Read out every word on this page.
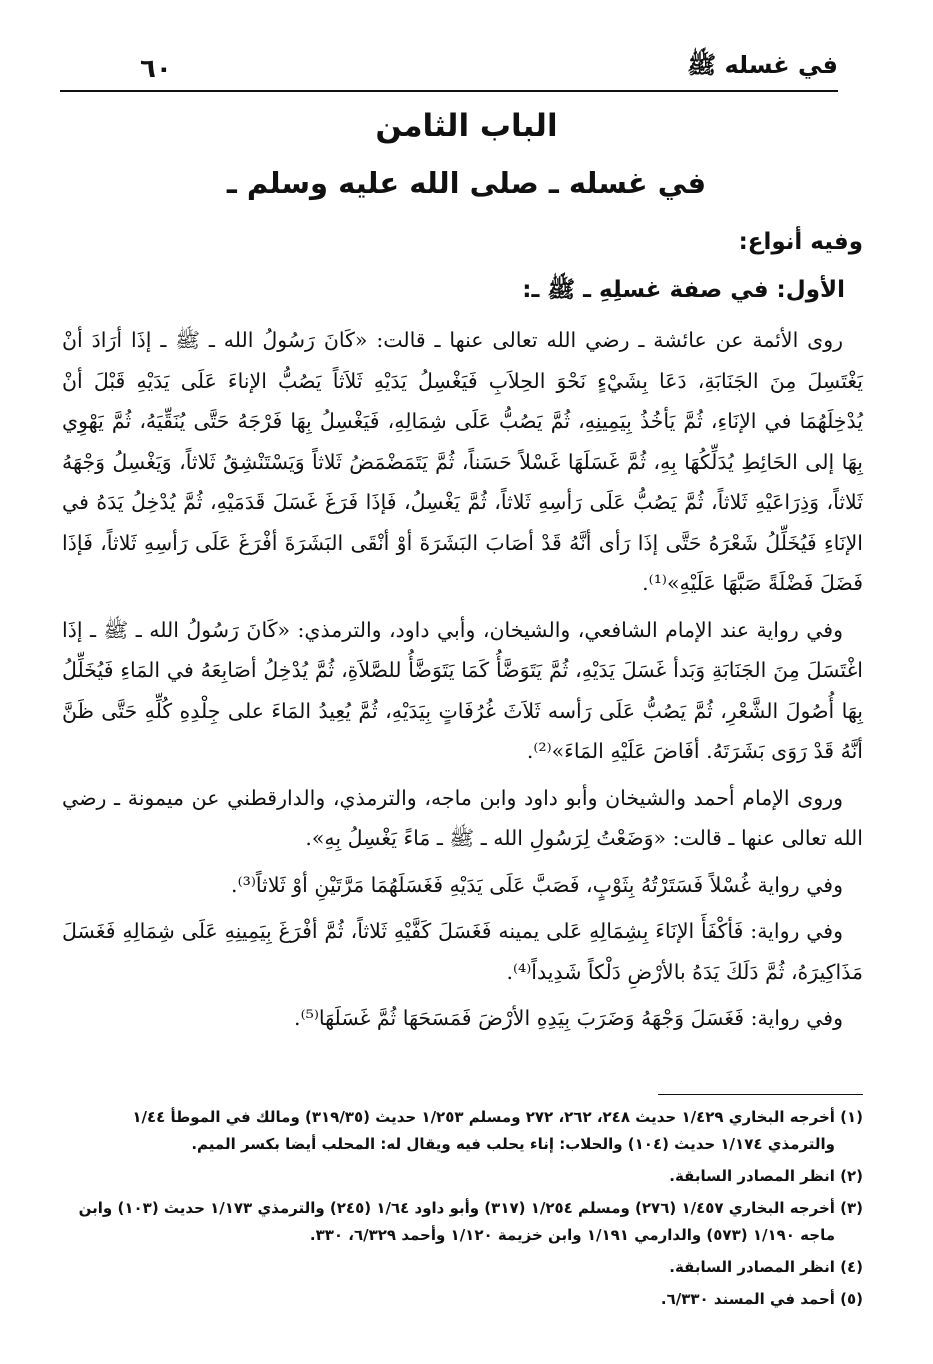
٦٠	في غسله ﷺ
الباب الثامن
في غسله ـ صلى الله عليه وسلم ـ
وفيه أنواع:
الأول: في صفة غسلِهِ ـ ﷺ ـ:

روى الأئمة عن عائشة ـ رضي الله تعالى عنها ـ قالت: «كَانَ رَسُولُ الله ـ ﷺ ـ إذَا أرَادَ أنْ يَغْتَسِلَ مِنَ الجَنَابَةِ، دَعَا بِشَيْءٍ نَحْوَ الحِلاَبِ فَيَغْسِلُ يَدَيْهِ ثَلاَثاً يَصُبُّ الإناءَ عَلَى يَدَيْهِ قَبْلَ أنْ يُدْخِلَهُمَا في الإنَاءِ، ثُمَّ يَأخُذُ بِيَمِينِهِ، ثُمَّ يَصُبُّ عَلَى شِمَالِهِ، فَيَغْسِلُ بِهَا فَرْجَهُ حَتَّى يُنَقِّيَهُ، ثُمَّ يَهْوِي بِهَا إلى الحَائِطِ يُدَلِّكُهَا بِهِ، ثُمَّ غَسَلَهَا غَسْلاً حَسَناً، ثُمَّ يَتَمَضْمَضُ ثَلاثاً وَيَسْتَنْشِقُ ثَلاثاً، وَيَغْسِلُ وَجْهَهُ ثَلاثاً، وَذِرَاعَيْهِ ثَلاثاً، ثُمَّ يَصُبُّ عَلَى رَأسِهِ ثَلاثاً، ثُمَّ يَغْسِلُ، فَإذَا فَرَغَ غَسَلَ قَدَمَيْهِ، ثُمَّ يُدْخِلُ يَدَهُ في الإنَاءِ فَيُخَلِّلُ شَعْرَهُ حَتَّى إذَا رَأى أنَّهُ قَدْ أصَابَ البَشَرَةَ أوْ أنْقَى البَشَرَةَ أفْرَغَ عَلَى رَأسِهِ ثَلاثاً، فَإذَا فَضَلَ فَضْلَةً صَبَّهَا عَلَيْهِ»⁽¹⁾.

وفي رواية عند الإمام الشافعي، والشيخان، وأبي داود، والترمذي: «كَانَ رَسُولُ الله ـ ﷺ ـ إذَا اغْتَسَلَ مِنَ الجَنَابَةِ وَبَدأ غَسَلَ يَدَيْهِ، ثُمَّ يَتَوَضَّأُ كَمَا يَتَوَضَّأُ للصَّلاَةِ، ثُمَّ يُدْخِلُ أصَابِعَهُ في المَاءِ فَيُخَلِّلُ بِهَا أُصُولَ الشَّعْرِ، ثُمَّ يَصُبُّ عَلَى رَأسه ثَلاَثَ غُرُفَاتٍ بِيَدَيْهِ، ثُمَّ يُعِيدُ المَاءَ على جِلْدِهِ كُلِّهِ حَتَّى ظَنَّ أنَّهُ قَدْ رَوَى بَشَرَتَهُ. أفَاضَ عَلَيْهِ المَاءَ»⁽²⁾.

وروى الإمام أحمد والشيخان وأبو داود وابن ماجه، والترمذي، والدارقطني عن ميمونة ـ رضي الله تعالى عنها ـ قالت: «وَضَعْتُ لِرَسُولِ الله ـ ﷺ ـ مَاءً يَغْسِلُ بِهِ».

وفي رواية غُسْلاً فَسَتَرْتُهُ بِثَوْبٍ، فَصَبَّ عَلَى يَدَيْهِ فَغَسَلَهُمَا مَرَّتَيْنِ أوْ ثَلاثاً⁽³⁾.

وفي رواية: فَأكْفَأَ الإنَاءَ بِشِمَالِهِ عَلى يمينه فَغَسَلَ كَفَّيْهِ ثَلاثاً، ثُمَّ أفْرَغَ بِيَمِينِهِ عَلَى شِمَالِهِ فَغَسَلَ مَذَاكِيرَهُ، ثُمَّ دَلَكَ يَدَهُ بالأرْضِ دَلْكاً شَدِيداً⁽⁴⁾.

وفي رواية: فَغَسَلَ وَجْهَهُ وَضَرَبَ بِيَدِهِ الأرْضَ فَمَسَحَهَا ثُمَّ غَسَلَهَا⁽⁵⁾.

(١) أخرجه البخاري ١/٤٢٩ حديث ٢٤٨، ٢٦٢، ٢٧٢ ومسلم ١/٢٥٣ حديث (٣١٩/٣٥) ومالك في الموطأ ١/٤٤ والترمذي ١/١٧٤ حديث (١٠٤) والحلاب: إناء يحلب فيه ويقال له: المحلب أيضا بكسر الميم.
(٢) انظر المصادر السابقة.
(٣) أخرجه البخاري ١/٤٥٧ (٢٧٦) ومسلم ١/٢٥٤ (٣١٧) وأبو داود ١/٦٤ (٢٤٥) والترمذي ١/١٧٣ حديث (١٠٣) وابن ماجه ١/١٩٠ (٥٧٣) والدارمي ١/١٩١ وابن خزيمة ١/١٢٠ وأحمد ٦/٣٢٩، ٣٣٠.
(٤) انظر المصادر السابقة.
(٥) أحمد في المسند ٦/٣٣٠.
